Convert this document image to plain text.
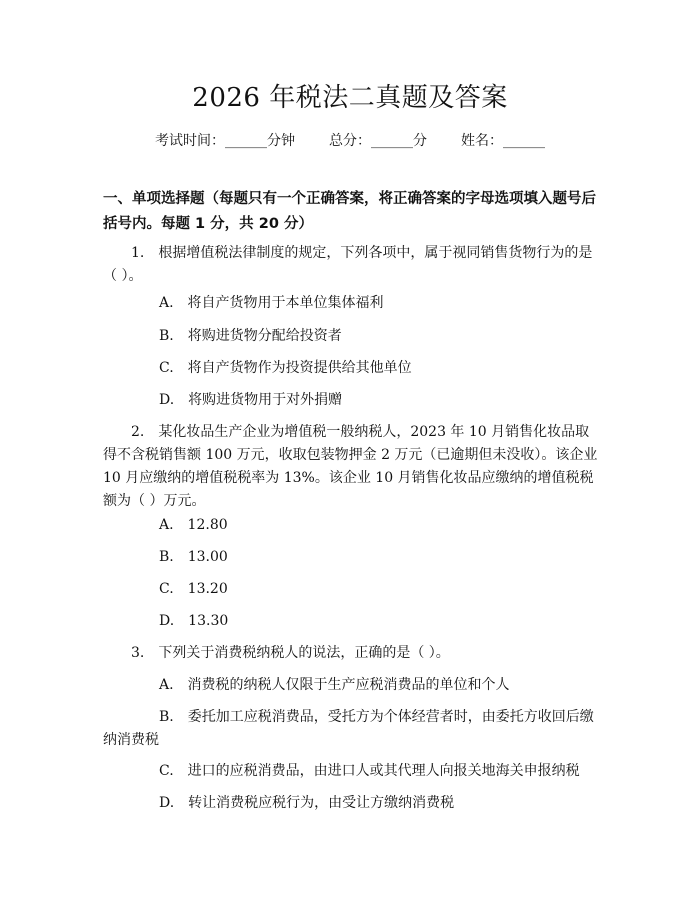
2026 年税法二真题及答案
考试时间：______分钟 总分：______分 姓名：______
一、单项选择题（每题只有一个正确答案，将正确答案的字母选项填入题号后括号内。每题 1 分，共 20 分）
1.　根据增值税法律制度的规定，下列各项中，属于视同销售货物行为的是（ ）。
A.　将自产货物用于本单位集体福利
B.　将购进货物分配给投资者
C.　将自产货物作为投资提供给其他单位
D.　将购进货物用于对外捐赠
2.　某化妆品生产企业为增值税一般纳税人，2023 年 10 月销售化妆品取得不含税销售额 100 万元，收取包装物押金 2 万元（已逾期但未没收）。该企业 10 月应缴纳的增值税税率为 13%。该企业 10 月销售化妆品应缴纳的增值税税额为（ ）万元。
A.　12.80
B.　13.00
C.　13.20
D.　13.30
3.　下列关于消费税纳税人的说法，正确的是（ ）。
A.　消费税的纳税人仅限于生产应税消费品的单位和个人
B.　委托加工应税消费品，受托方为个体经营者时，由委托方收回后缴纳消费税
C.　进口的应税消费品，由进口人或其代理人向报关地海关申报纳税
D.　转让消费税应税行为，由受让方缴纳消费税
